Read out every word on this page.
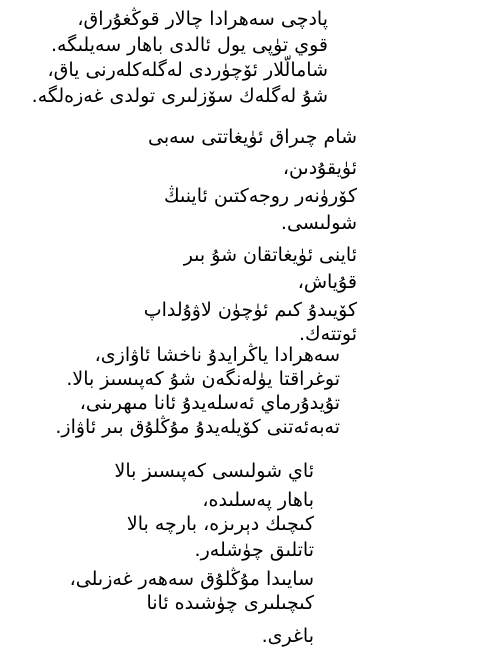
پادچى سەھرادا چالار قوڭغۇراق،
قوي تۈپى يول ئالدى باھار سەيلىگە.
شامالّلار ئۆچۈردى لەگلەكلەرنى ياق،
شۇ لەگلەك سۆزلىرى تولدى غەزەلگە.
شام چىراق ئۈيغاتتى سەبى
ئۈيقۇدىن،
كۆرۈنەر روجەكتىن ئاينىڭ
شولىسى.
ئاينى ئۈيغاتقان شۇ بىر
قۇياش،
كۆيىدۇ كىم ئۈچۈن لاۋۇلداپ
ئوتتەك.
سەھرادا ياڭرايدۇ ناخشا ئاۋازى،
توغراقتا يۈلەنگەن شۇ كەپىسىز بالا.
تۇيدۇرماي ئەسلەيدۇ ئانا مىھرىنى،
تەبەئەتنى كۆيلەيدۇ مۇڭلۇق بىر ئاۋاز.
ئاي شولىسى كەپىسىز بالا
باھار پەسلىدە،
كىچىك دېرىزە، بارچە بالا
تاتلىق چۈشلەر.
سايىدا مۇڭلۇق سەھەر غەزىلى،
كىچىلىرى چۈشىدە ئانا
باغرى.
